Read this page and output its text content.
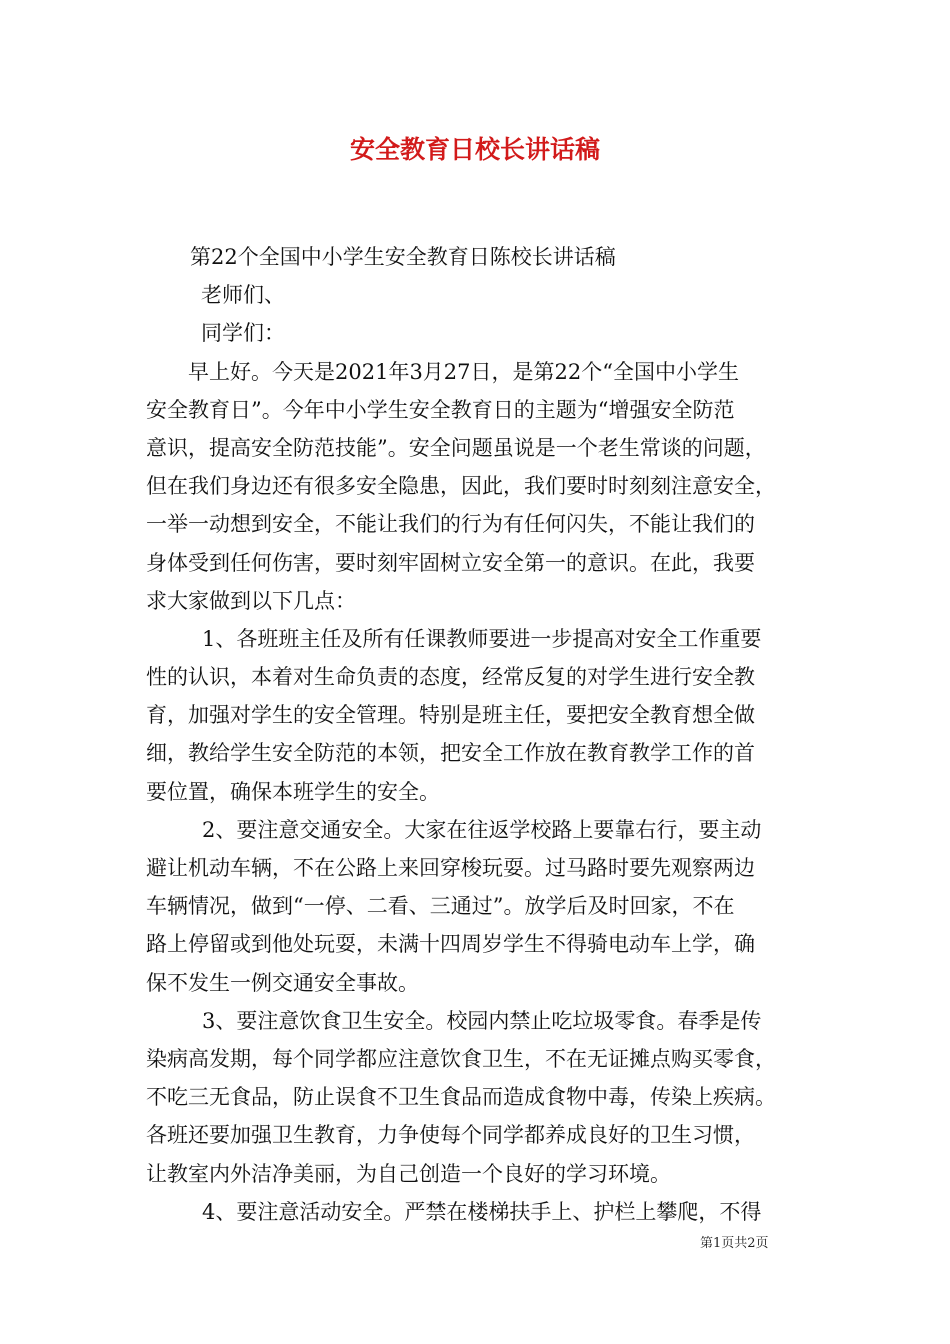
安全教育日校长讲话稿
第22个全国中小学生安全教育日陈校长讲话稿
老师们、
同学们：
早上好。今天是2021年3月27日，是第22个“全国中小学生
安全教育日”。今年中小学生安全教育日的主题为“增强安全防范
意识，提高安全防范技能”。安全问题虽说是一个老生常谈的问题，
但在我们身边还有很多安全隐患，因此，我们要时时刻刻注意安全，
一举一动想到安全，不能让我们的行为有任何闪失，不能让我们的
身体受到任何伤害，要时刻牢固树立安全第一的意识。在此，我要
求大家做到以下几点：
1、各班班主任及所有任课教师要进一步提高对安全工作重要
性的认识，本着对生命负责的态度，经常反复的对学生进行安全教
育，加强对学生的安全管理。特别是班主任，要把安全教育想全做
细，教给学生安全防范的本领，把安全工作放在教育教学工作的首
要位置，确保本班学生的安全。
2、要注意交通安全。大家在往返学校路上要靠右行，要主动
避让机动车辆，不在公路上来回穿梭玩耍。过马路时要先观察两边
车辆情况，做到“一停、二看、三通过”。放学后及时回家，不在
路上停留或到他处玩耍，未满十四周岁学生不得骑电动车上学，确
保不发生一例交通安全事故。
3、要注意饮食卫生安全。校园内禁止吃垃圾零食。春季是传
染病高发期，每个同学都应注意饮食卫生，不在无证摊点购买零食，
不吃三无食品，防止误食不卫生食品而造成食物中毒，传染上疾病。
各班还要加强卫生教育，力争使每个同学都养成良好的卫生习惯，
让教室内外洁净美丽，为自己创造一个良好的学习环境。
4、要注意活动安全。严禁在楼梯扶手上、护栏上攀爬，不得
第1页共2页
